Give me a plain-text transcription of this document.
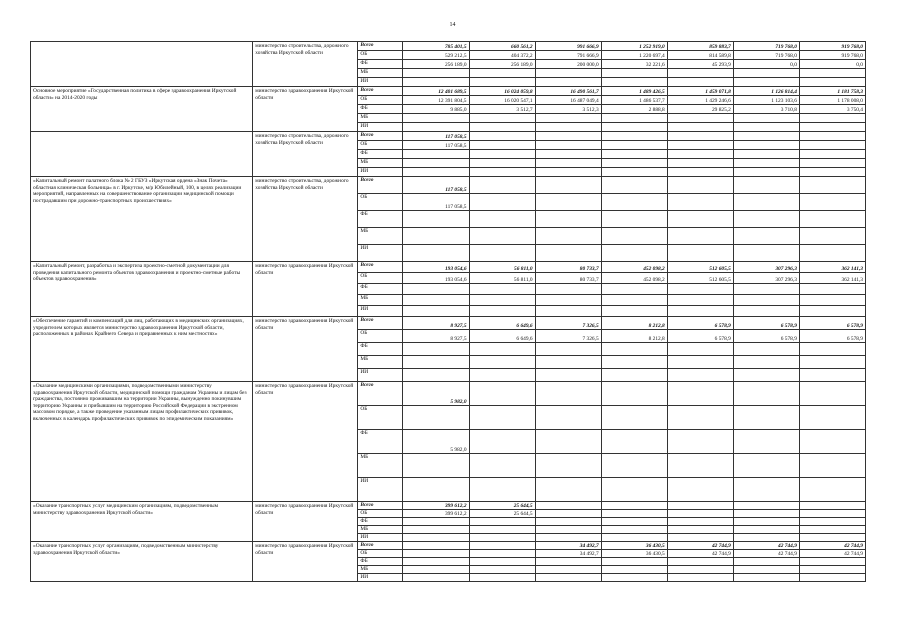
14
	министерство строительства, дорожного хозяйства Иркутской области	Всего	785 401,5	660 561,2	991 666,9	1 252 919,0	859 883,7	719 768,0	919 768,0
		ОБ	529 212,5	404 372,2	791 666,9	1 220 697,4	814 589,8	719 768,0	919 768,0
		ФБ	256 189,0	256 189,0	200 000,0	32 221,6	45 293,9	0,0	0,0
		МБ							
		ИИ							
Основное мероприятие «Государственная политика в сфере здравоохранения Иркутской области» на 2014-2020 годы	министерство здравоохранения Иркутской области	Всего	12 401 689,5	16 024 059,8	16 490 561,7	1 489 426,5	1 459 071,8	1 126 814,4	1 181 758,3
		ОБ	12 391 804,5	16 020 547,1	16 487 049,4	1 486 537,7	1 429 246,6	1 123 103,6	1 178 008,0
		ФБ	9 885,0	3 512,7	3 512,3	2 888,8	29 825,2	3 710,8	3 750,4
		МБ							
		ИИ							
	министерство строительства, дорожного хозяйства Иркутской области	Всего	117 058,5						
		ОБ	117 058,5						
		ФБ							
		МБ							
		ИИ							
«Капитальный ремонт палатного блока № 2 ГБУЗ «Иркутская ордена «Знак Почета» областная клиническая больница» в г. Иркутске, м/р Юбилейный, 100, в целях реализации мероприятий, направленных на совершенствование организации медицинской помощи пострадавшим при дорожно-транспортных происшествиях»	министерство строительства, дорожного хозяйства Иркутской области	Всего	117 058,5						
		ОБ	117 058,5						
		ФБ							
		МБ							
		ИИ							
«Капитальный ремонт, разработка и экспертиза проектно-сметной документации для проведения капитального ремонта объектов здравоохранения и проектно-сметные работы объектов здравоохранения»	министерство здравоохранения Иркутской области	Всего	193 054,6	56 811,0	80 733,7	452 098,2	512 605,5	307 296,3	362 141,3
		ОБ	193 054,6	56 811,0	80 733,7	452 098,2	512 605,5	307 296,3	362 141,3
		ФБ							
		МБ							
		ИИ							
«Обеспечение гарантий и компенсаций для лиц, работающих в медицинских организациях, учредителем которых является министерство здравоохранения Иркутской области, расположенных в районах Крайнего Севера и приравненных к ним местностях»	министерство здравоохранения Иркутской области	Всего	8 927,5	6 649,6	7 326,5	8 212,8	6 578,9	6 578,9	6 578,9
		ОБ	8 927,5	6 649,6	7 326,5	8 212,8	6 578,9	6 578,9	6 578,9
		ФБ							
		МБ							
		ИИ							
«Оказание медицинскими организациями, подведомственными министерству здравоохранения Иркутской области, медицинской помощи гражданам Украины и лицам без гражданства, постоянно проживавшим на территории Украины, вынужденно покинувшим территорию Украины и прибывшим на территорию Российской Федерации в экстренном массовом порядке, а также проведение указанным лицам профилактических прививок, включенных в календарь профилактических прививок по эпидемическим показаниям»	министерство здравоохранения Иркутской области	Всего	5 982,0						
		ОБ							
		ФБ	5 982,0						
		МБ							
		ИИ							
«Оказание транспортных услуг медицинским организациям, подведомственным министерству здравоохранения Иркутской области»	министерство здравоохранения Иркутской области	Всего	399 612,2	25 644,5					
		ОБ	399 612,2	25 644,5					
		ФБ							
		МБ							
		ИИ							
«Оказание транспортных услуг организациям, подведомственным министерству здравоохранения Иркутской области»	министерство здравоохранения Иркутской области	Всего			34 492,7	36 430,5	42 744,9	42 744,9	42 744,9
		ОБ			34 492,7	36 430,5	42 744,9	42 744,9	42 744,9
		ФБ							
		МБ							
		ИИ							
